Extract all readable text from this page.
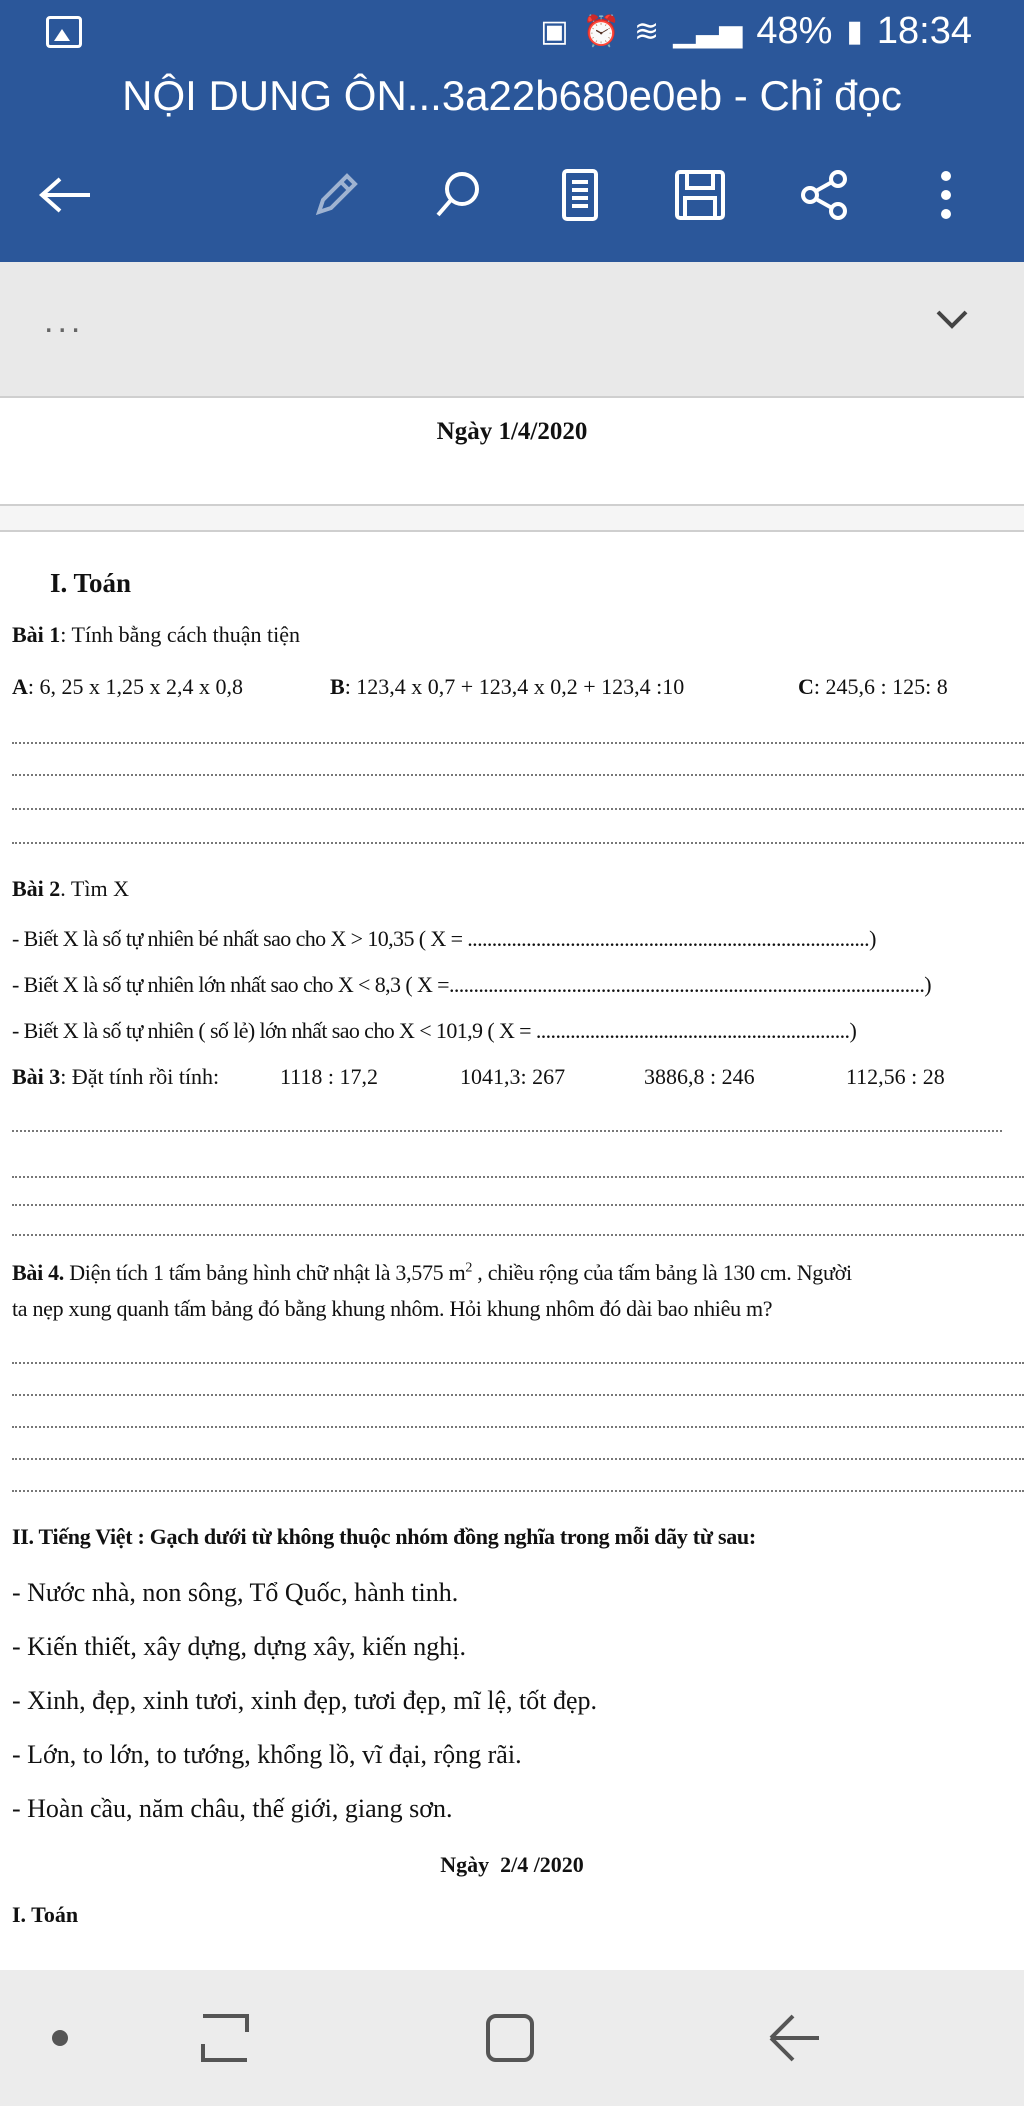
▣ ⏰ ≋ ▁▃▅ 48% ▮ 18:34
NỘI DUNG ÔN...3a22b680e0eb - Chỉ đọc
...
Ngày 1/4/2020
I. Toán
Bài 1: Tính bằng cách thuận tiện
A: 6, 25 x 1,25 x 2,4 x 0,8	B: 123,4 x 0,7 + 123,4 x 0,2 + 123,4 :10	C: 245,6 : 125: 8
Bài 2. Tìm X
- Biết X là số tự nhiên bé nhất sao cho X > 10,35 ( X = ..................................................................................)
- Biết X là số tự nhiên lớn nhất sao cho X < 8,3 ( X =.................................................................................................)
- Biết X là số tự nhiên ( số lẻ) lớn nhất sao cho X < 101,9 ( X = ................................................................)
Bài 3: Đặt tính rồi tính:	1118 : 17,2	1041,3: 267	3886,8 : 246	112,56 : 28
Bài 4. Diện tích 1 tấm bảng hình chữ nhật là 3,575 $m^2$ , chiều rộng của tấm bảng là 130 cm. Người
ta nẹp xung quanh tấm bảng đó bằng khung nhôm. Hỏi khung nhôm đó dài bao nhiêu m?
II. Tiếng Việt : Gạch dưới từ không thuộc nhóm đồng nghĩa trong mỗi dãy từ sau:
- Nước nhà, non sông, Tổ Quốc, hành tinh.
- Kiến thiết, xây dựng, dựng xây, kiến nghị.
- Xinh, đẹp, xinh tươi, xinh đẹp, tươi đẹp, mĩ lệ, tốt đẹp.
- Lớn, to lớn, to tướng, khổng lồ, vĩ đại, rộng rãi.
- Hoàn cầu, năm châu, thế giới, giang sơn.
Ngày  2/4 /2020
I. Toán
